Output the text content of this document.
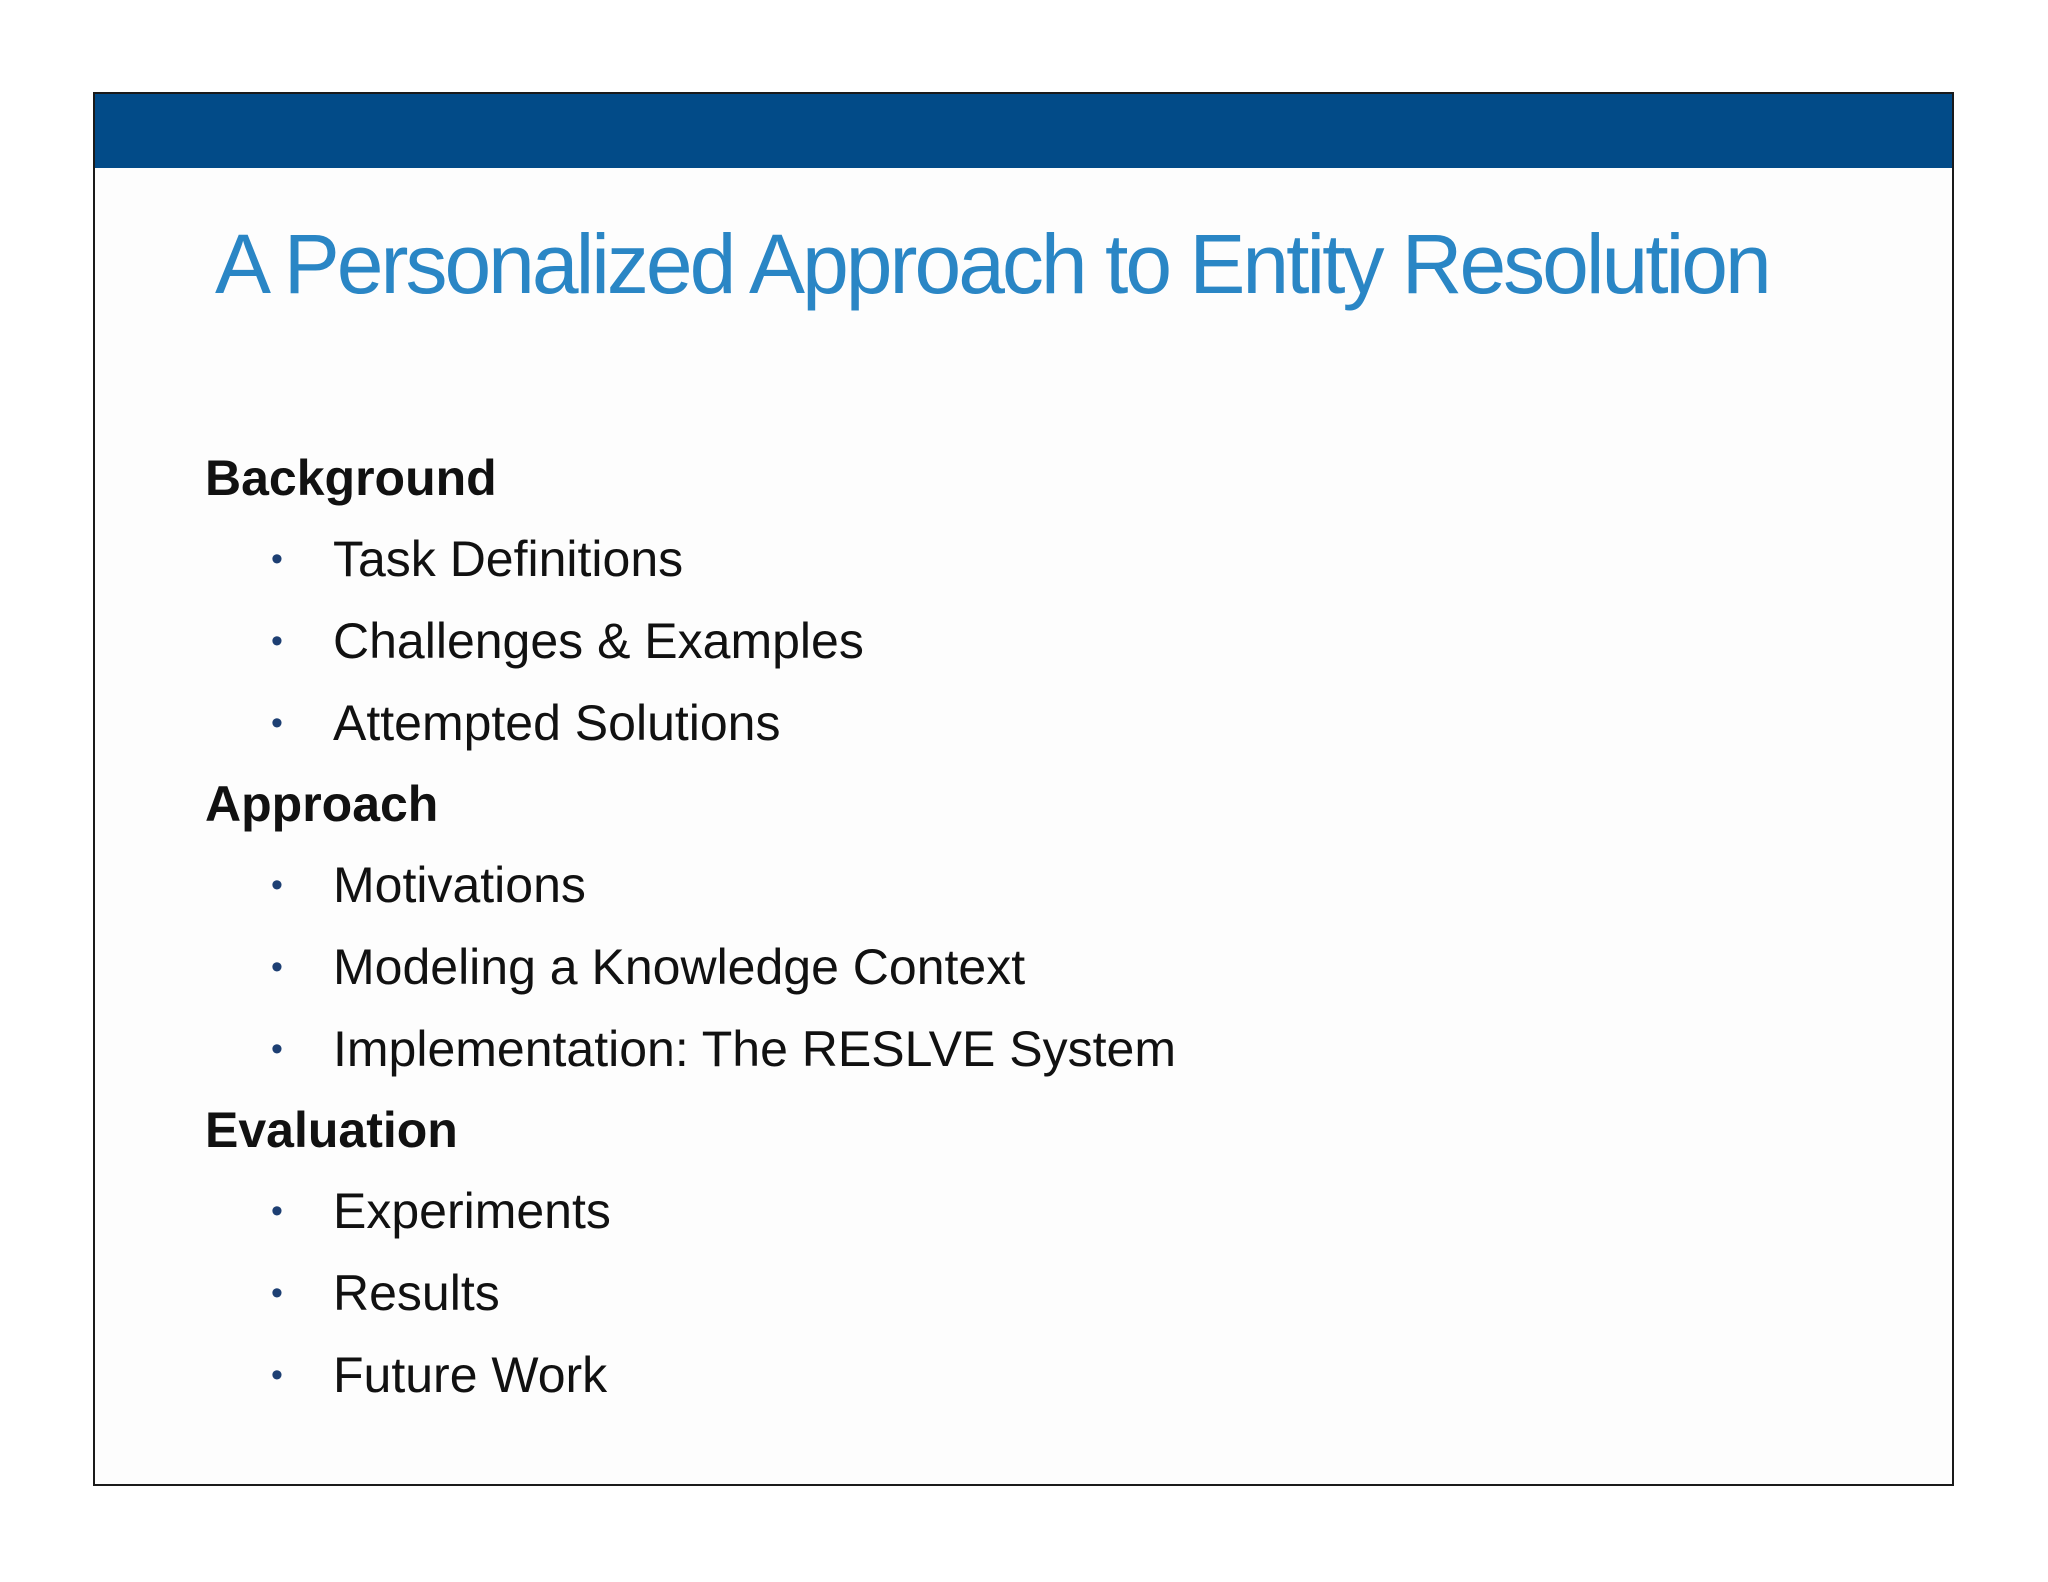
A Personalized Approach to Entity Resolution
Background
• Task Definitions
• Challenges & Examples
• Attempted Solutions
Approach
• Motivations
• Modeling a Knowledge Context
• Implementation: The RESLVE System
Evaluation
• Experiments
• Results
• Future Work
